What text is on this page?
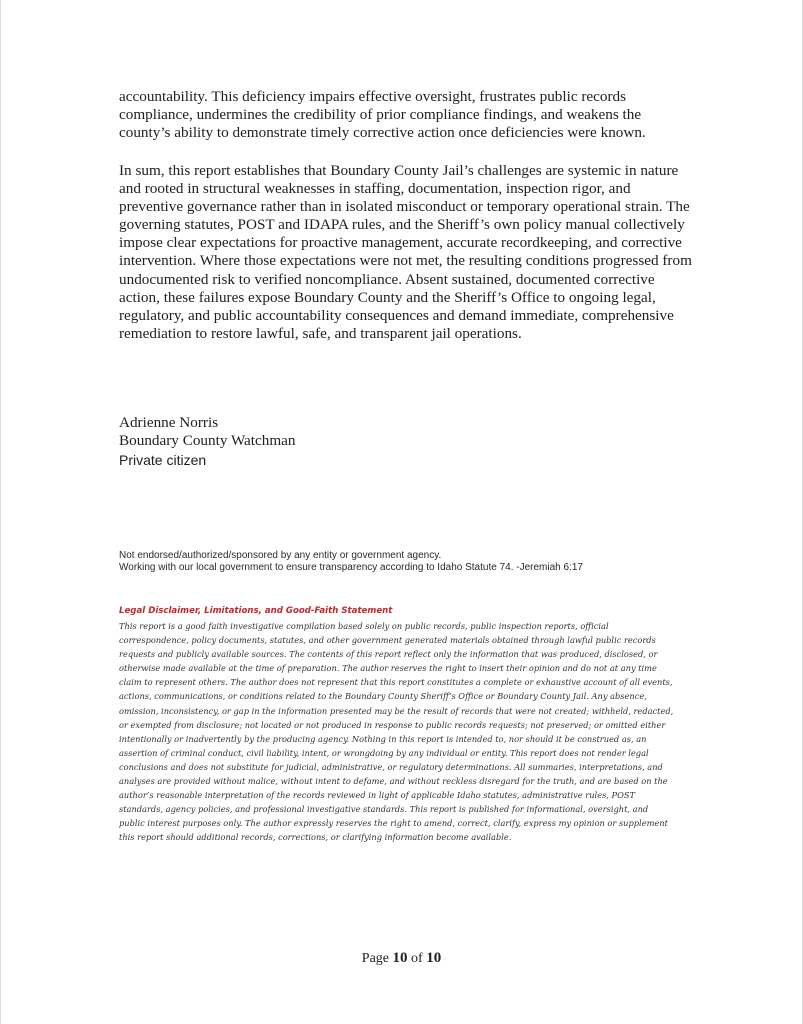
accountability. This deficiency impairs effective oversight, frustrates public records compliance, undermines the credibility of prior compliance findings, and weakens the county’s ability to demonstrate timely corrective action once deficiencies were known.

In sum, this report establishes that Boundary County Jail’s challenges are systemic in nature and rooted in structural weaknesses in staffing, documentation, inspection rigor, and preventive governance rather than in isolated misconduct or temporary operational strain. The governing statutes, POST and IDAPA rules, and the Sheriff’s own policy manual collectively impose clear expectations for proactive management, accurate recordkeeping, and corrective intervention. Where those expectations were not met, the resulting conditions progressed from undocumented risk to verified noncompliance. Absent sustained, documented corrective action, these failures expose Boundary County and the Sheriff’s Office to ongoing legal, regulatory, and public accountability consequences and demand immediate, comprehensive remediation to restore lawful, safe, and transparent jail operations.

Adrienne Norris
Boundary County Watchman
Private citizen
Not endorsed/authorized/sponsored by any entity or government agency.
Working with our local government to ensure transparency according to Idaho Statute 74. -Jeremiah 6:17
Legal Disclaimer, Limitations, and Good-Faith Statement
This report is a good faith investigative compilation based solely on public records, public inspection reports, official
correspondence, policy documents, statutes, and other government generated materials obtained through lawful public records
requests and publicly available sources. The contents of this report reflect only the information that was produced, disclosed, or
otherwise made available at the time of preparation. The author reserves the right to insert their opinion and do not at any time
claim to represent others. The author does not represent that this report constitutes a complete or exhaustive account of all events,
actions, communications, or conditions related to the Boundary County Sheriff’s Office or Boundary County Jail. Any absence,
omission, inconsistency, or gap in the information presented may be the result of records that were not created; withheld, redacted,
or exempted from disclosure; not located or not produced in response to public records requests; not preserved; or omitted either
intentionally or inadvertently by the producing agency. Nothing in this report is intended to, nor should it be construed as, an
assertion of criminal conduct, civil liability, intent, or wrongdoing by any individual or entity. This report does not render legal
conclusions and does not substitute for judicial, administrative, or regulatory determinations. All summaries, interpretations, and
analyses are provided without malice, without intent to defame, and without reckless disregard for the truth, and are based on the
author’s reasonable interpretation of the records reviewed in light of applicable Idaho statutes, administrative rules, POST
standards, agency policies, and professional investigative standards. This report is published for informational, oversight, and
public interest purposes only. The author expressly reserves the right to amend, correct, clarify, express my opinion or supplement
this report should additional records, corrections, or clarifying information become available.
Page 10 of 10
